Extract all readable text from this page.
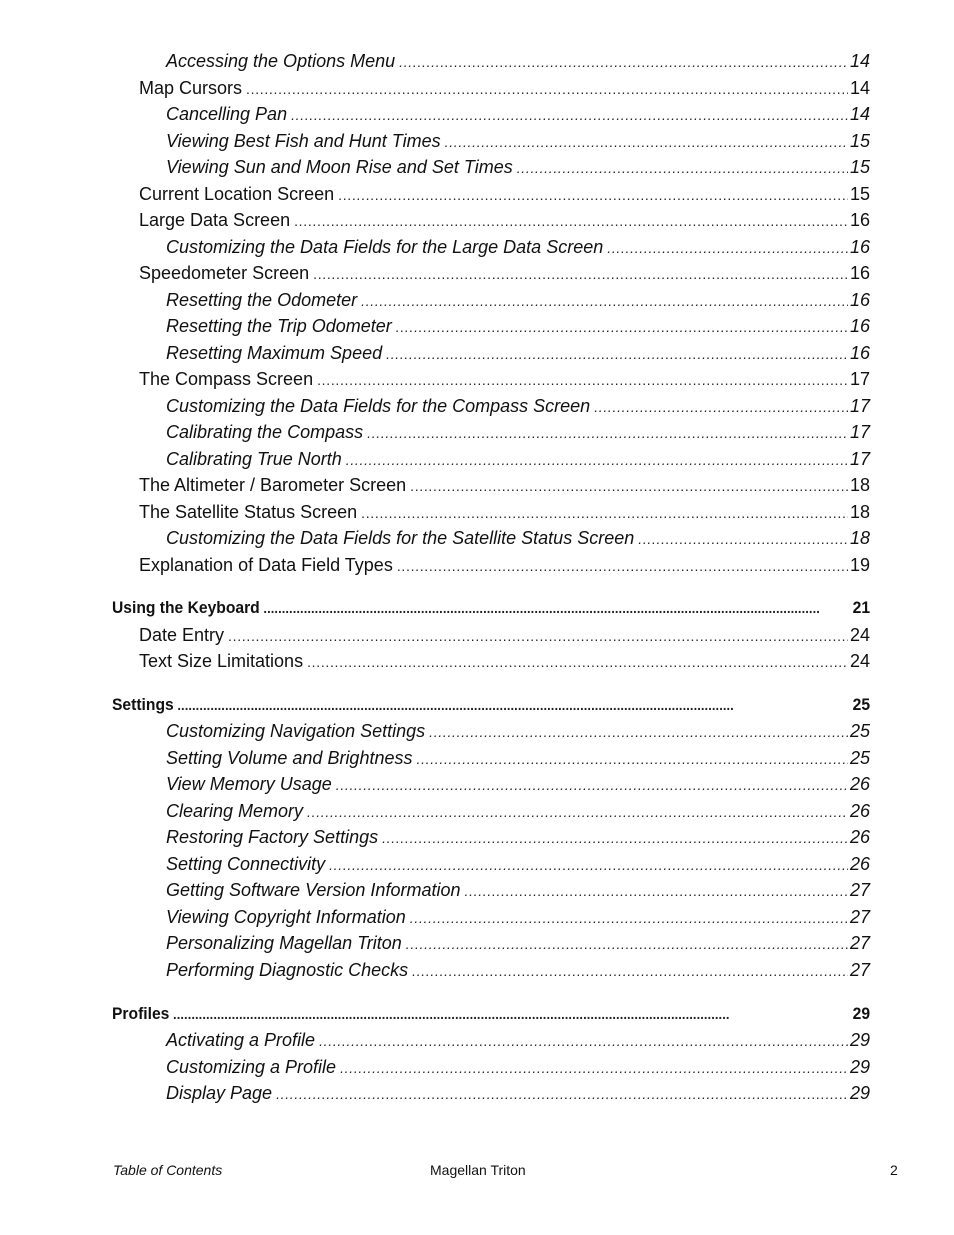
Accessing the Options Menu . . .	14
Map Cursors . . .	14
Cancelling Pan . . .	14
Viewing Best Fish and Hunt Times . . .	15
Viewing Sun and Moon Rise and Set Times . . .	15
Current Location Screen . . .	15
Large Data Screen . . .	16
Customizing the Data Fields for the Large Data Screen . . .	16
Speedometer Screen . . .	16
Resetting the Odometer . . .	16
Resetting the Trip Odometer . . .	16
Resetting Maximum Speed . . .	16
The Compass Screen . . .	17
Customizing the Data Fields for the Compass Screen . . .	17
Calibrating the Compass . . .	17
Calibrating True North . . .	17
The Altimeter / Barometer Screen . . .	18
The Satellite Status Screen . . .	18
Customizing the Data Fields for the Satellite Status Screen . . .	18
Explanation of Data Field Types . . .	19
Using the Keyboard . . .	21
Date Entry . . .	24
Text Size Limitations . . .	24
Settings . . .	25
Customizing Navigation Settings . . .	25
Setting Volume and Brightness . . .	25
View Memory Usage . . .	26
Clearing Memory . . .	26
Restoring Factory Settings . . .	26
Setting Connectivity . . .	26
Getting Software Version Information . . .	27
Viewing Copyright Information . . .	27
Personalizing Magellan Triton . . .	27
Performing Diagnostic Checks . . .	27
Profiles . . .	29
Activating a Profile . . .	29
Customizing a Profile . . .	29
Display Page . . .	29
Table of Contents	Magellan Triton	2
